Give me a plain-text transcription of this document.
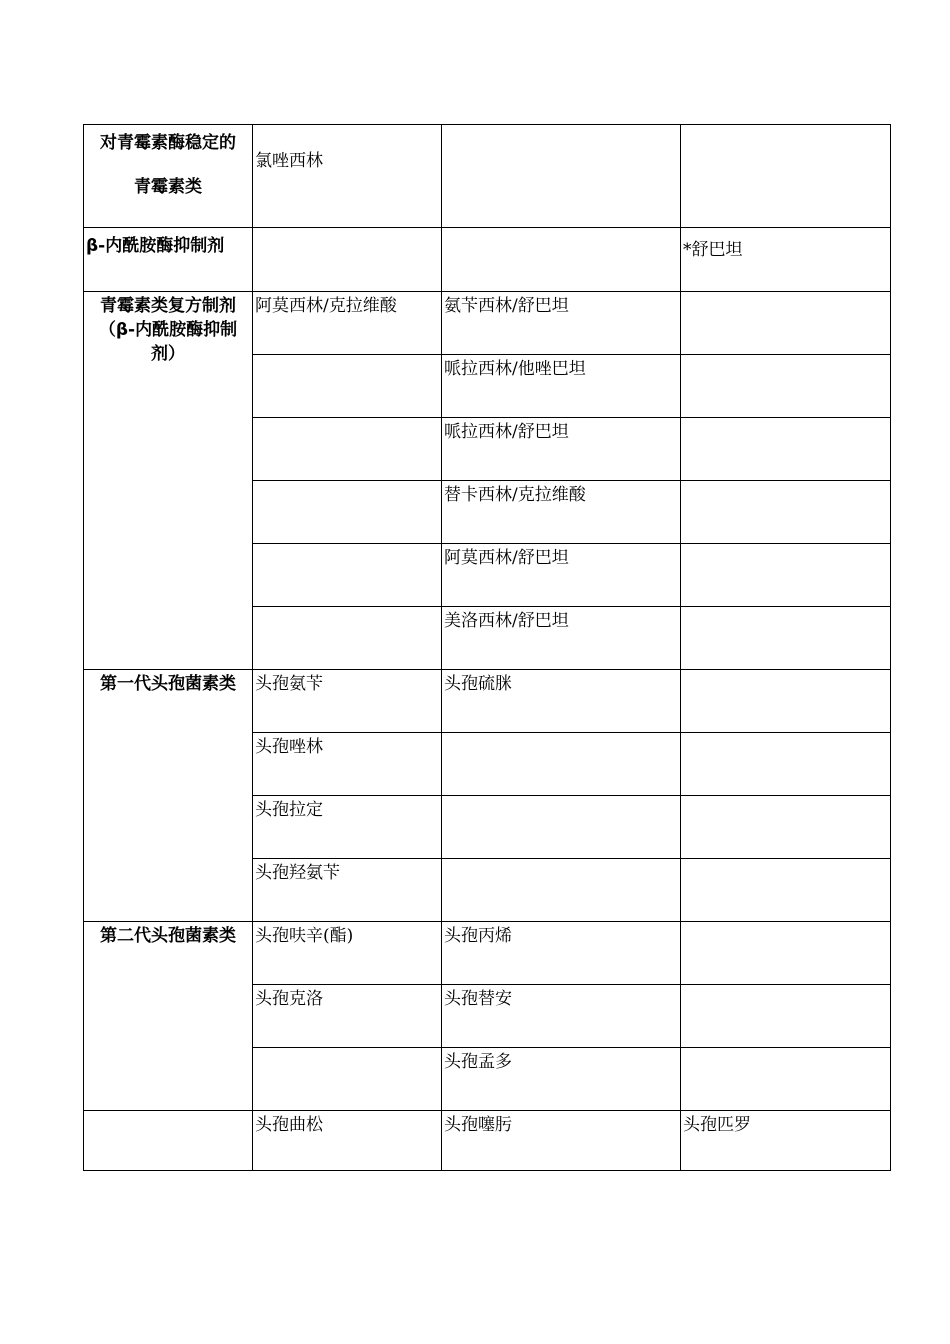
对青霉素酶稳定的
青霉素类	氯唑西林		
β-内酰胺酶抑制剂			*舒巴坦

青霉素类复方制剂
（β-内酰胺酶抑制
剂）	阿莫西林/克拉维酸	氨苄西林/舒巴坦	
		哌拉西林/他唑巴坦	
		哌拉西林/舒巴坦	
		替卡西林/克拉维酸	
		阿莫西林/舒巴坦	
		美洛西林/舒巴坦	
第一代头孢菌素类	头孢氨苄	头孢硫脒	
	头孢唑林		
	头孢拉定		
	头孢羟氨苄		
第二代头孢菌素类	头孢呋辛(酯)	头孢丙烯	
	头孢克洛	头孢替安	
		头孢孟多	
	头孢曲松	头孢噻肟	头孢匹罗
